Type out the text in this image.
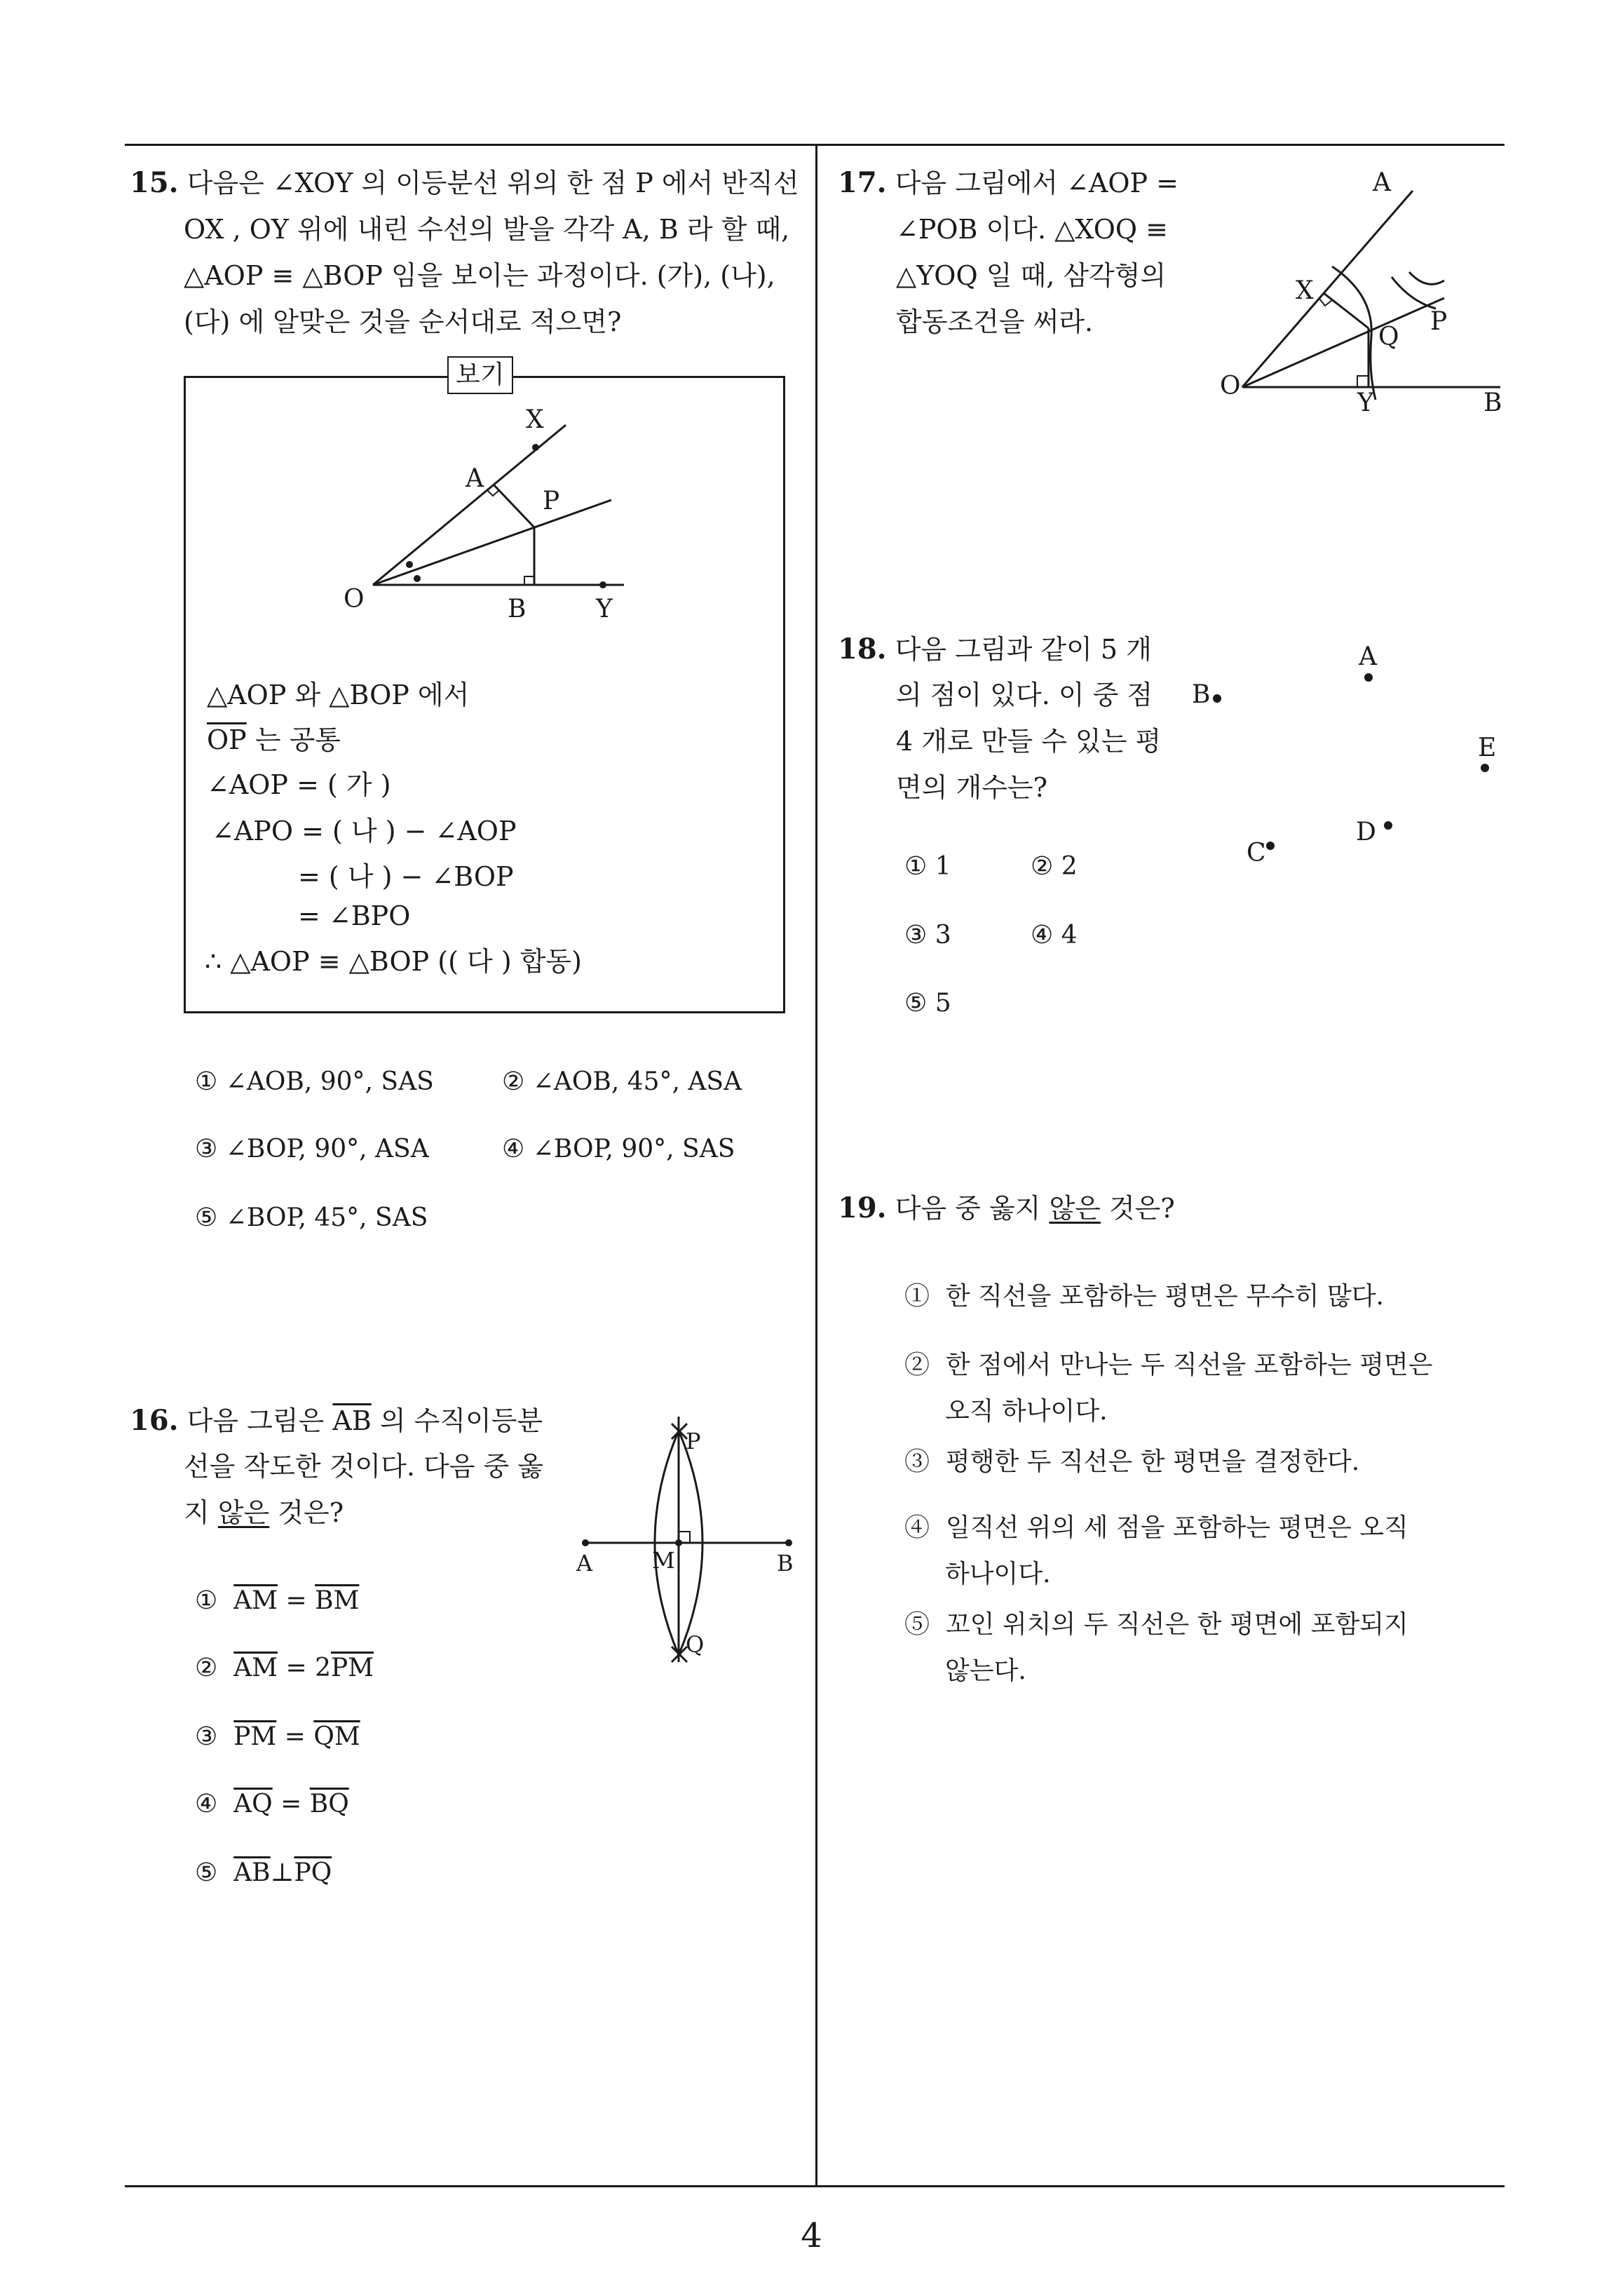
15. 다음은 ∠XOY 의 이등분선 위의 한 점 P 에서 반직선
OX , OY 위에 내린 수선의 발을 각각 A, B 라 할 때,
△AOP ≡ △BOP 임을 보이는 과정이다. (가), (나),
(다) 에 알맞은 것을 순서대로 적으면?
보기
X
A
P
O	B	Y
△AOP 와 △BOP 에서
$\overline{OP}$ 는 공통
∠AOP = ( 가 )
∠APO = ( 나 ) − ∠AOP
= ( 나 ) − ∠BOP
= ∠BPO
∴ △AOP ≡ △BOP (( 다 ) 합동)
① ∠AOB, 90°, SAS	② ∠AOB, 45°, ASA
③ ∠BOP, 90°, ASA	④ ∠BOP, 90°, SAS
⑤ ∠BOP, 45°, SAS
16. 다음 그림은 $\overline{AB}$ 의 수직이등분
선을 작도한 것이다. 다음 중 옳
지 않은 것은?
P
A	M	B
Q
① $\overline{AM} = \overline{BM}$
② $\overline{AM} = 2\overline{PM}$
③ $\overline{PM} = \overline{QM}$
④ $\overline{AQ} = \overline{BQ}$
⑤ $\overline{AB}\perp\overline{PQ}$
17. 다음 그림에서 ∠AOP =
∠POB 이다. △XOQ ≡
△YOQ 일 때, 삼각형의
합동조건을 써라.
A
X
P
Q
O
Y	B
18. 다음 그림과 같이 5 개
의 점이 있다. 이 중 점
4 개로 만들 수 있는 평
면의 개수는?
A
B
E
D
C
① 1	② 2
③ 3	④ 4
⑤ 5
19. 다음 중 옳지 않은 것은?
① 한 직선을 포함하는 평면은 무수히 많다.
② 한 점에서 만나는 두 직선을 포함하는 평면은
오직 하나이다.
③ 평행한 두 직선은 한 평면을 결정한다.
④ 일직선 위의 세 점을 포함하는 평면은 오직
하나이다.
⑤ 꼬인 위치의 두 직선은 한 평면에 포함되지
않는다.
4
